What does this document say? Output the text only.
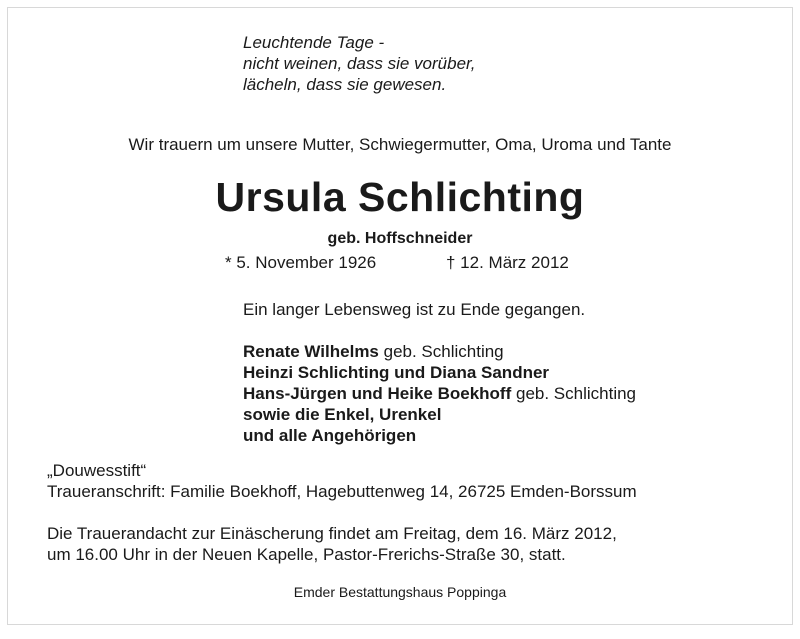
Leuchtende Tage -
nicht weinen, dass sie vorüber,
lächeln, dass sie gewesen.
Wir trauern um unsere Mutter, Schwiegermutter, Oma, Uroma und Tante
Ursula Schlichting
geb. Hoffschneider
* 5. November 1926	† 12. März 2012
Ein langer Lebensweg ist zu Ende gegangen.
Renate Wilhelms geb. Schlichting
Heinzi Schlichting und Diana Sandner
Hans-Jürgen und Heike Boekhoff geb. Schlichting
sowie die Enkel, Urenkel
und alle Angehörigen
„Douwesstift“
Traueranschrift: Familie Boekhoff, Hagebuttenweg 14, 26725 Emden-Borssum
Die Trauerandacht zur Einäscherung findet am Freitag, dem 16. März 2012,
um 16.00 Uhr in der Neuen Kapelle, Pastor-Frerichs-Straße 30, statt.
Emder Bestattungshaus Poppinga
